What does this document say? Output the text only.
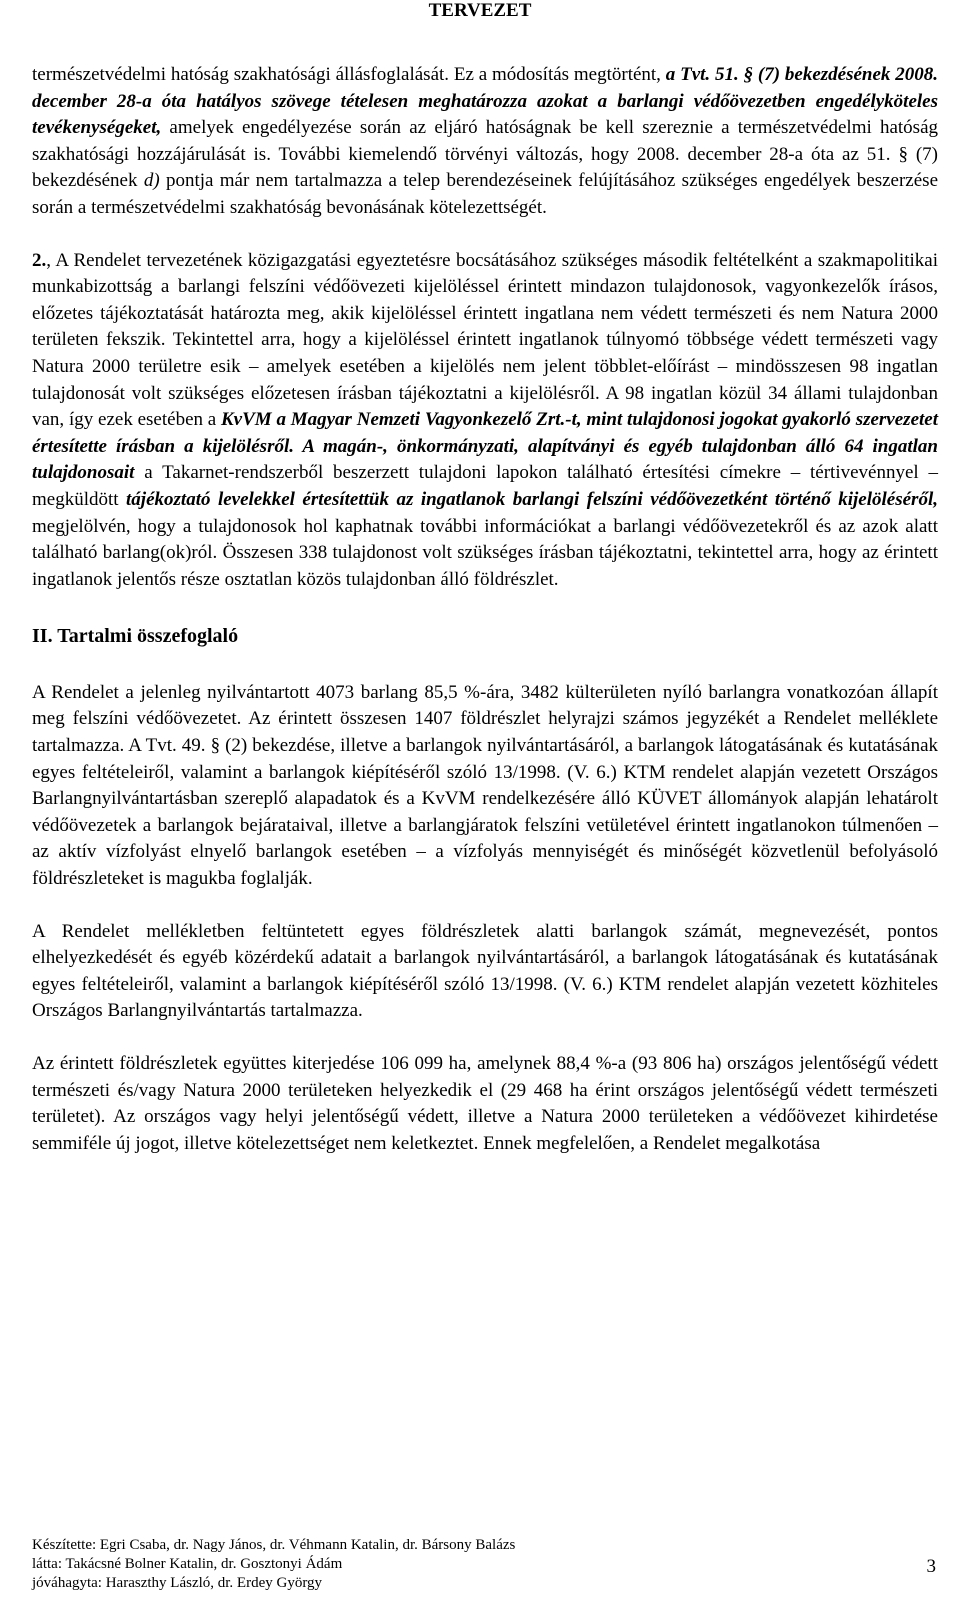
TERVEZET

természetvédelmi hatóság szakhatósági állásfoglalását. Ez a módosítás megtörtént, a Tvt. 51. § (7) bekezdésének 2008. december 28-a óta hatályos szövege tételesen meghatározza azokat a barlangi védőövezetben engedélyköteles tevékenységeket, amelyek engedélyezése során az eljáró hatóságnak be kell szereznie a természetvédelmi hatóság szakhatósági hozzájárulását is. További kiemelendő törvényi változás, hogy 2008. december 28-a óta az 51. § (7) bekezdésének d) pontja már nem tartalmazza a telep berendezéseinek felújításához szükséges engedélyek beszerzése során a természetvédelmi szakhatóság bevonásának kötelezettségét.

2., A Rendelet tervezetének közigazgatási egyeztetésre bocsátásához szükséges második feltételként a szakmapolitikai munkabizottság a barlangi felszíni védőövezeti kijelöléssel érintett mindazon tulajdonosok, vagyonkezelők írásos, előzetes tájékoztatását határozta meg, akik kijelöléssel érintett ingatlana nem védett természeti és nem Natura 2000 területen fekszik. Tekintettel arra, hogy a kijelöléssel érintett ingatlanok túlnyomó többsége védett természeti vagy Natura 2000 területre esik – amelyek esetében a kijelölés nem jelent többlet-előírást – mindösszesen 98 ingatlan tulajdonosát volt szükséges előzetesen írásban tájékoztatni a kijelölésről. A 98 ingatlan közül 34 állami tulajdonban van, így ezek esetében a KvVM a Magyar Nemzeti Vagyonkezelő Zrt.-t, mint tulajdonosi jogokat gyakorló szervezetet értesítette írásban a kijelölésről. A magán-, önkormányzati, alapítványi és egyéb tulajdonban álló 64 ingatlan tulajdonosait a Takarnet-rendszerből beszerzett tulajdoni lapokon található értesítési címekre – tértivevénnyel – megküldött tájékoztató levelekkel értesítettük az ingatlanok barlangi felszíni védőövezetként történő kijelöléséről, megjelölvén, hogy a tulajdonosok hol kaphatnak további információkat a barlangi védőövezetekről és az azok alatt található barlang(ok)ról. Összesen 338 tulajdonost volt szükséges írásban tájékoztatni, tekintettel arra, hogy az érintett ingatlanok jelentős része osztatlan közös tulajdonban álló földrészlet.

II. Tartalmi összefoglaló

A Rendelet a jelenleg nyilvántartott 4073 barlang 85,5 %-ára, 3482 külterületen nyíló barlangra vonatkozóan állapít meg felszíni védőövezetet. Az érintett összesen 1407 földrészlet helyrajzi számos jegyzékét a Rendelet melléklete tartalmazza. A Tvt. 49. § (2) bekezdése, illetve a barlangok nyilvántartásáról, a barlangok látogatásának és kutatásának egyes feltételeiről, valamint a barlangok kiépítéséről szóló 13/1998. (V. 6.) KTM rendelet alapján vezetett Országos Barlangnyilvántartásban szereplő alapadatok és a KvVM rendelkezésére álló KÜVET állományok alapján lehatárolt védőövezetek a barlangok bejárataival, illetve a barlangjáratok felszíni vetületével érintett ingatlanokon túlmenően – az aktív vízfolyást elnyelő barlangok esetében – a vízfolyás mennyiségét és minőségét közvetlenül befolyásoló földrészleteket is magukba foglalják.

A Rendelet mellékletben feltüntetett egyes földrészletek alatti barlangok számát, megnevezését, pontos elhelyezkedését és egyéb közérdekű adatait a barlangok nyilvántartásáról, a barlangok látogatásának és kutatásának egyes feltételeiről, valamint a barlangok kiépítéséről szóló 13/1998. (V. 6.) KTM rendelet alapján vezetett közhiteles Országos Barlangnyilvántartás tartalmazza.

Az érintett földrészletek együttes kiterjedése 106 099 ha, amelynek 88,4 %-a (93 806 ha) országos jelentőségű védett természeti és/vagy Natura 2000 területeken helyezkedik el (29 468 ha érint országos jelentőségű védett természeti területet). Az országos vagy helyi jelentőségű védett, illetve a Natura 2000 területeken a védőövezet kihirdetése semmiféle új jogot, illetve kötelezettséget nem keletkeztet. Ennek megfelelően, a Rendelet megalkotása

Készítette: Egri Csaba, dr. Nagy János, dr. Véhmann Katalin, dr. Bársony Balázs
látta: Takácsné Bolner Katalin, dr. Gosztonyi Ádám
jóváhagyta: Haraszthy László, dr. Erdey György
3
